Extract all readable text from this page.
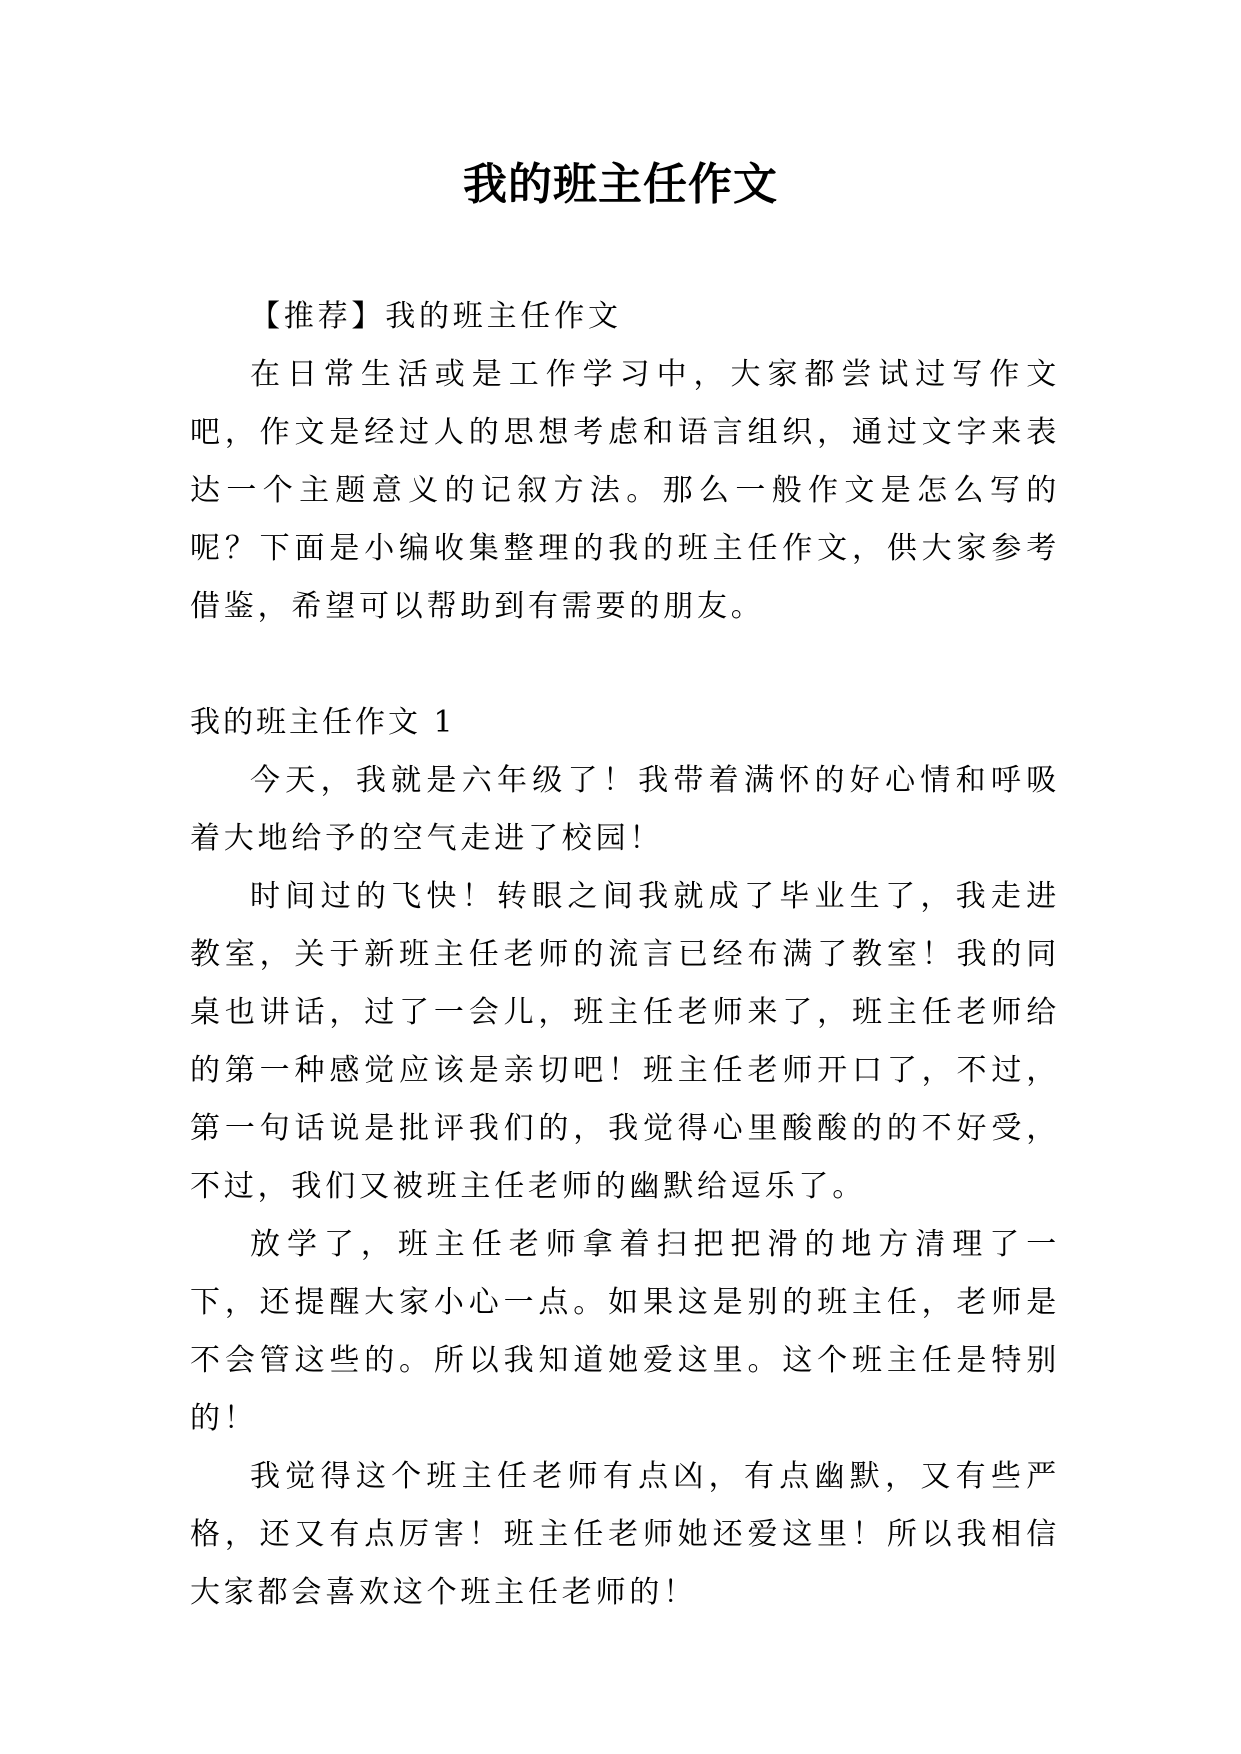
我的班主任作文

【推荐】我的班主任作文

在日常生活或是工作学习中，大家都尝试过写作文吧，作文是经过人的思想考虑和语言组织，通过文字来表达一个主题意义的记叙方法。那么一般作文是怎么写的呢？下面是小编收集整理的我的班主任作文，供大家参考借鉴，希望可以帮助到有需要的朋友。

我的班主任作文 1

今天，我就是六年级了！我带着满怀的好心情和呼吸着大地给予的空气走进了校园！

时间过的飞快！转眼之间我就成了毕业生了，我走进教室，关于新班主任老师的流言已经布满了教室！我的同桌也讲话，过了一会儿，班主任老师来了，班主任老师给的第一种感觉应该是亲切吧！班主任老师开口了，不过，第一句话说是批评我们的，我觉得心里酸酸的的不好受，不过，我们又被班主任老师的幽默给逗乐了。

放学了，班主任老师拿着扫把把滑的地方清理了一下，还提醒大家小心一点。如果这是别的班主任，老师是不会管这些的。所以我知道她爱这里。这个班主任是特别的！

我觉得这个班主任老师有点凶，有点幽默，又有些严格，还又有点厉害！班主任老师她还爱这里！所以我相信大家都会喜欢这个班主任老师的！
